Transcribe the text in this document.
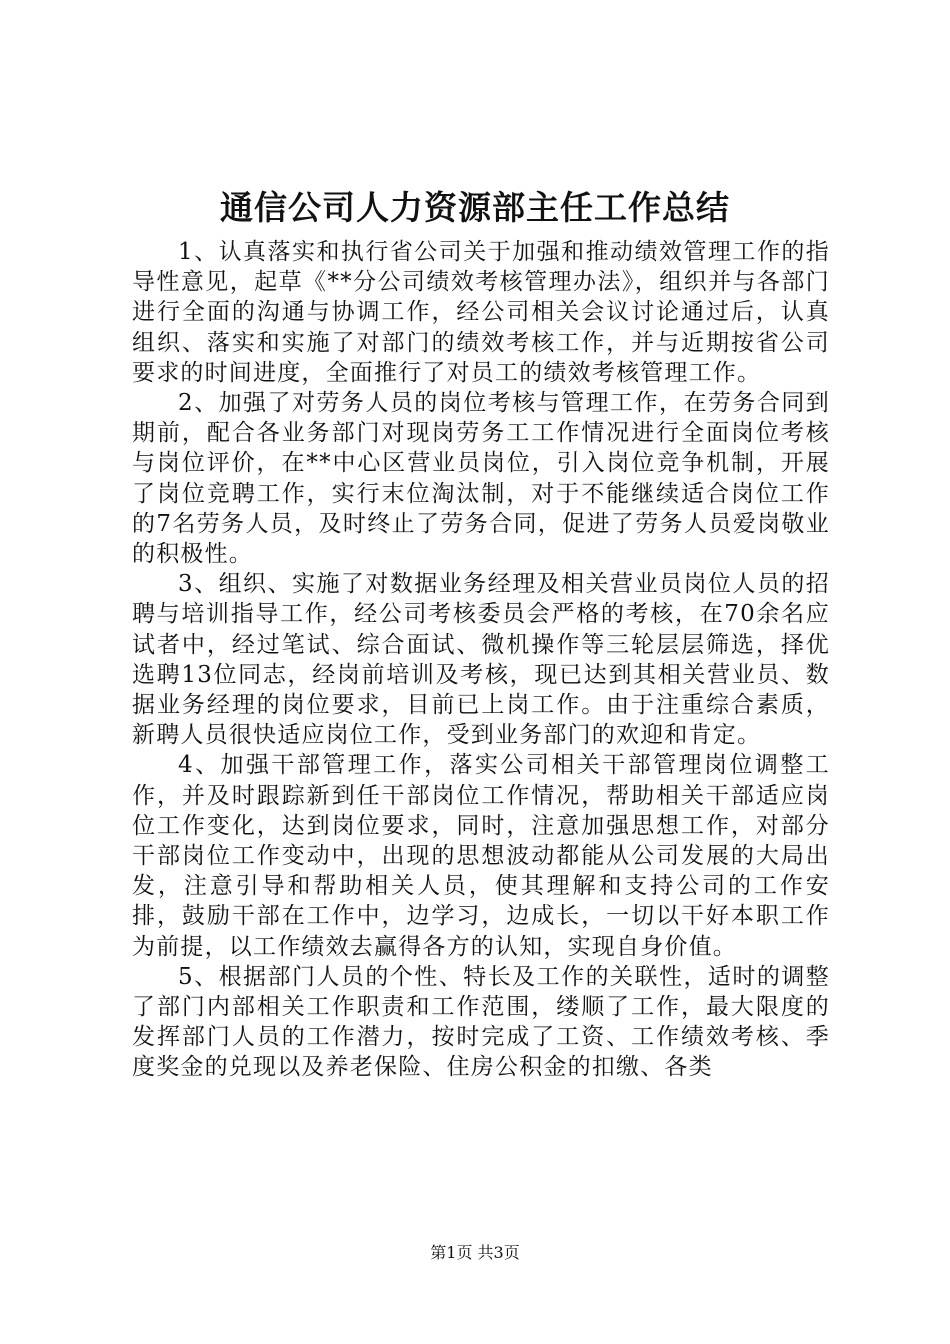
通信公司人力资源部主任工作总结

1、认真落实和执行省公司关于加强和推动绩效管理工作的指导性意见，起草《**分公司绩效考核管理办法》，组织并与各部门进行全面的沟通与协调工作，经公司相关会议讨论通过后，认真组织、落实和实施了对部门的绩效考核工作，并与近期按省公司要求的时间进度，全面推行了对员工的绩效考核管理工作。

2、加强了对劳务人员的岗位考核与管理工作，在劳务合同到期前，配合各业务部门对现岗劳务工工作情况进行全面岗位考核与岗位评价，在**中心区营业员岗位，引入岗位竞争机制，开展了岗位竞聘工作，实行末位淘汰制，对于不能继续适合岗位工作的7名劳务人员，及时终止了劳务合同，促进了劳务人员爱岗敬业的积极性。

3、组织、实施了对数据业务经理及相关营业员岗位人员的招聘与培训指导工作，经公司考核委员会严格的考核，在70余名应试者中，经过笔试、综合面试、微机操作等三轮层层筛选，择优选聘13位同志，经岗前培训及考核，现已达到其相关营业员、数据业务经理的岗位要求，目前已上岗工作。由于注重综合素质，新聘人员很快适应岗位工作，受到业务部门的欢迎和肯定。

4、加强干部管理工作，落实公司相关干部管理岗位调整工作，并及时跟踪新到任干部岗位工作情况，帮助相关干部适应岗位工作变化，达到岗位要求，同时，注意加强思想工作，对部分干部岗位工作变动中，出现的思想波动都能从公司发展的大局出发，注意引导和帮助相关人员，使其理解和支持公司的工作安排，鼓励干部在工作中，边学习，边成长，一切以干好本职工作为前提，以工作绩效去赢得各方的认知，实现自身价值。

5、根据部门人员的个性、特长及工作的关联性，适时的调整了部门内部相关工作职责和工作范围，缕顺了工作，最大限度的发挥部门人员的工作潜力，按时完成了工资、工作绩效考核、季度奖金的兑现以及养老保险、住房公积金的扣缴、各类

第1页 共3页
